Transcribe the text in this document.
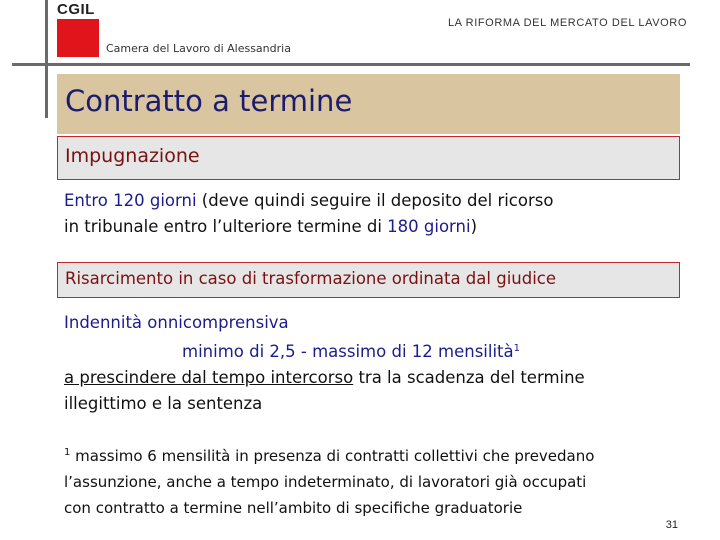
CGIL
LA RIFORMA DEL MERCATO DEL LAVORO
Camera del Lavoro di Alessandria
Contratto a termine
Impugnazione
Entro 120 giorni (deve quindi seguire il deposito del ricorso
in tribunale entro l’ulteriore termine di 180 giorni)
Risarcimento in caso di trasformazione ordinata dal giudice
Indennità onnicomprensiva
minimo di 2,5 - massimo di 12 mensilità$^1$
a prescindere dal tempo intercorso tra la scadenza del termine
illegittimo e la sentenza
$^1$ massimo 6 mensilità in presenza di contratti collettivi che prevedano
l’assunzione, anche a tempo indeterminato, di lavoratori già occupati
con contratto a termine nell’ambito di specifiche graduatorie
31
